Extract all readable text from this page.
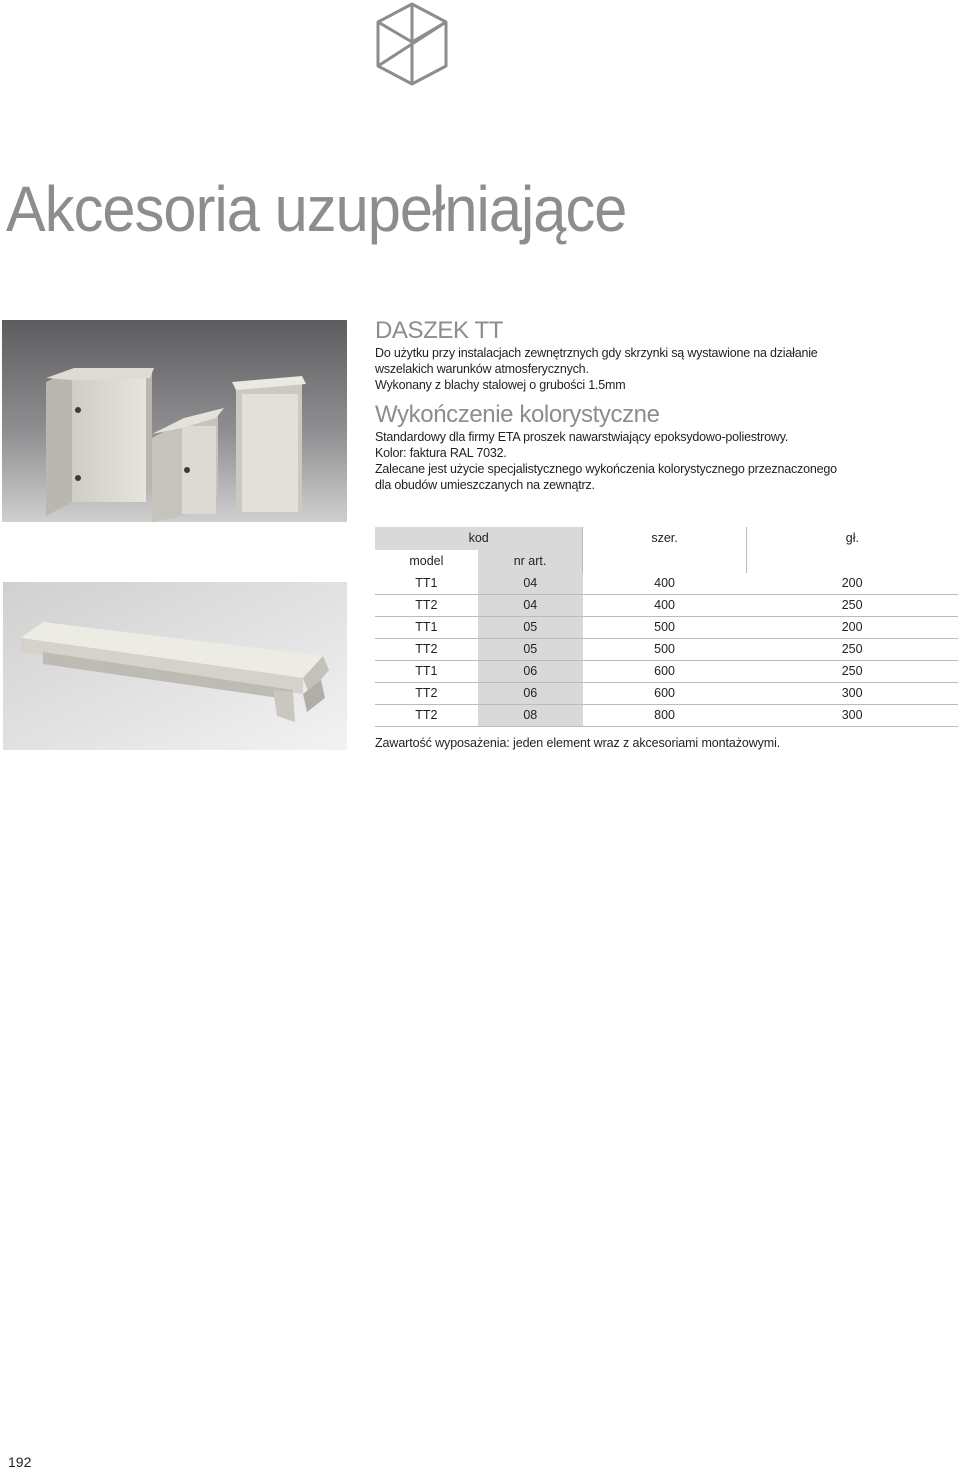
Akcesoria uzupełniające
DASZEK TT

Do użytku przy instalacjach zewnętrznych gdy skrzynki są wystawione na działanie

wszelakich warunków atmosferycznych.

Wykonany z blachy stalowej o grubości 1.5mm

Wykończenie kolorystyczne

Standardowy dla firmy ETA proszek nawarstwiający epoksydowo-poliestrowy.

Kolor: faktura RAL 7032.

Zalecane jest użycie specjalistycznego wykończenia kolorystycznego przeznaczonego

dla obudów umieszczanych na zewnątrz.

kod		szer.	gł.
model	nr art.		
TT1	04	400	200
TT2	04	400	250
TT1	05	500	200
TT2	05	500	250
TT1	06	600	250
TT2	06	600	300
TT2	08	800	300

Zawartość wyposażenia: jeden element wraz z akcesoriami montażowymi.

192
